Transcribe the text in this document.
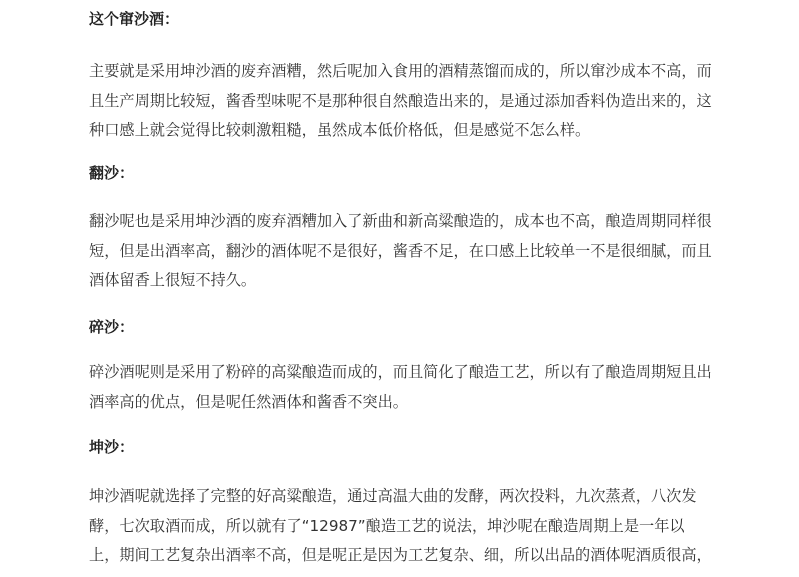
这个窜沙酒：
主要就是采用坤沙酒的废弃酒糟，然后呢加入食用的酒精蒸馏而成的，所以窜沙成本不高，而
且生产周期比较短，酱香型味呢不是那种很自然酿造出来的，是通过添加香料伪造出来的，这
种口感上就会觉得比较刺激粗糙，虽然成本低价格低，但是感觉不怎么样。
翻沙：
翻沙呢也是采用坤沙酒的废弃酒糟加入了新曲和新高粱酿造的，成本也不高，酿造周期同样很
短，但是出酒率高，翻沙的酒体呢不是很好，酱香不足，在口感上比较单一不是很细腻，而且
酒体留香上很短不持久。
碎沙：
碎沙酒呢则是采用了粉碎的高粱酿造而成的，而且简化了酿造工艺，所以有了酿造周期短且出
酒率高的优点，但是呢任然酒体和酱香不突出。
坤沙：
坤沙酒呢就选择了完整的好高粱酿造，通过高温大曲的发酵，两次投料，九次蒸煮，八次发
酵，七次取酒而成，所以就有了“12987”酿造工艺的说法，坤沙呢在酿造周期上是一年以
上，期间工艺复杂出酒率不高，但是呢正是因为工艺复杂、细，所以出品的酒体呢酒质很高，
